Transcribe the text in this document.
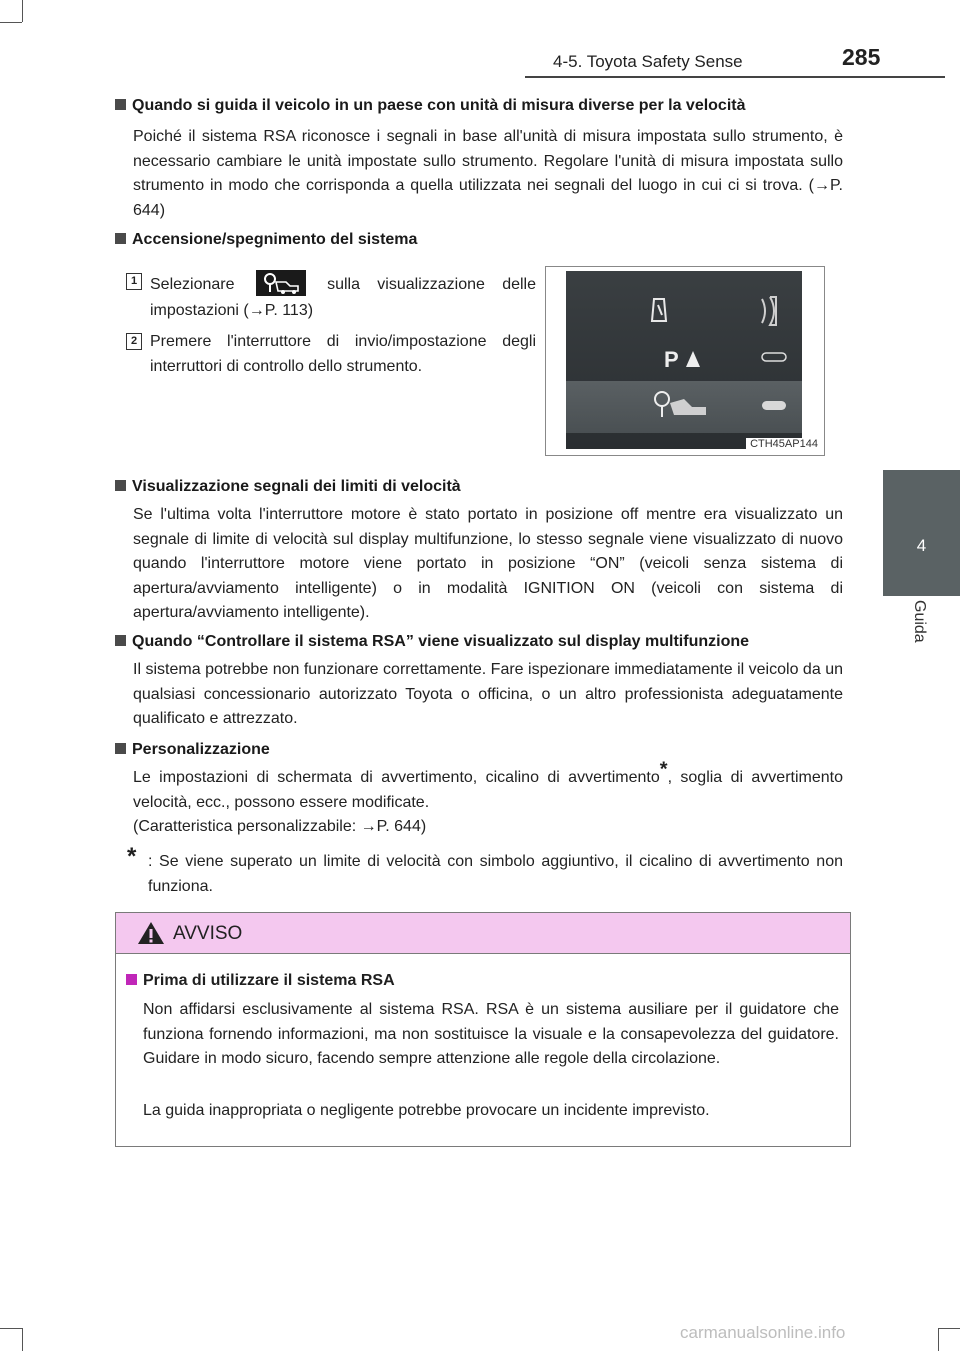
4-5. Toyota Safety Sense	285
4
Guida
Quando si guida il veicolo in un paese con unità di misura diverse per la velocità
Poiché il sistema RSA riconosce i segnali in base all'unità di misura impostata sullo strumento, è necessario cambiare le unità impostate sullo strumento. Regolare l'unità di misura impostata sullo strumento in modo che corrisponda a quella utilizzata nei segnali del luogo in cui ci si trova. (→P. 644)
Accensione/spegnimento del sistema
1 Selezionare	sulla visualizzazione delle impostazioni (→P. 113)
2 Premere l'interruttore di invio/impostazione degli interruttori di controllo dello strumento.	P
CTH45AP144
Visualizzazione segnali dei limiti di velocità
Se l'ultima volta l'interruttore motore è stato portato in posizione off mentre era visualizzato un segnale di limite di velocità sul display multifunzione, lo stesso segnale viene visualizzato di nuovo quando l'interruttore motore viene portato in posizione “ON” (veicoli senza sistema di apertura/avviamento intelligente) o in modalità IGNITION ON (veicoli con sistema di apertura/avviamento intelligente).
Quando “Controllare il sistema RSA” viene visualizzato sul display multifunzione
Il sistema potrebbe non funzionare correttamente. Fare ispezionare immediatamente il veicolo da un qualsiasi concessionario autorizzato Toyota o officina, o un altro professionista adeguatamente qualificato e attrezzato.
Personalizzazione
Le impostazioni di schermata di avvertimento, cicalino di avvertimento*, soglia di avvertimento velocità, ecc., possono essere modificate.
(Caratteristica personalizzabile: →P. 644)
* : Se viene superato un limite di velocità con simbolo aggiuntivo, il cicalino di avvertimento non funziona.
AVVISO
Prima di utilizzare il sistema RSA
Non affidarsi esclusivamente al sistema RSA. RSA è un sistema ausiliare per il guidatore che funziona fornendo informazioni, ma non sostituisce la visuale e la consapevolezza del guidatore. Guidare in modo sicuro, facendo sempre attenzione alle regole della circolazione.
La guida inappropriata o negligente potrebbe provocare un incidente imprevisto.
carmanualsonline.info
